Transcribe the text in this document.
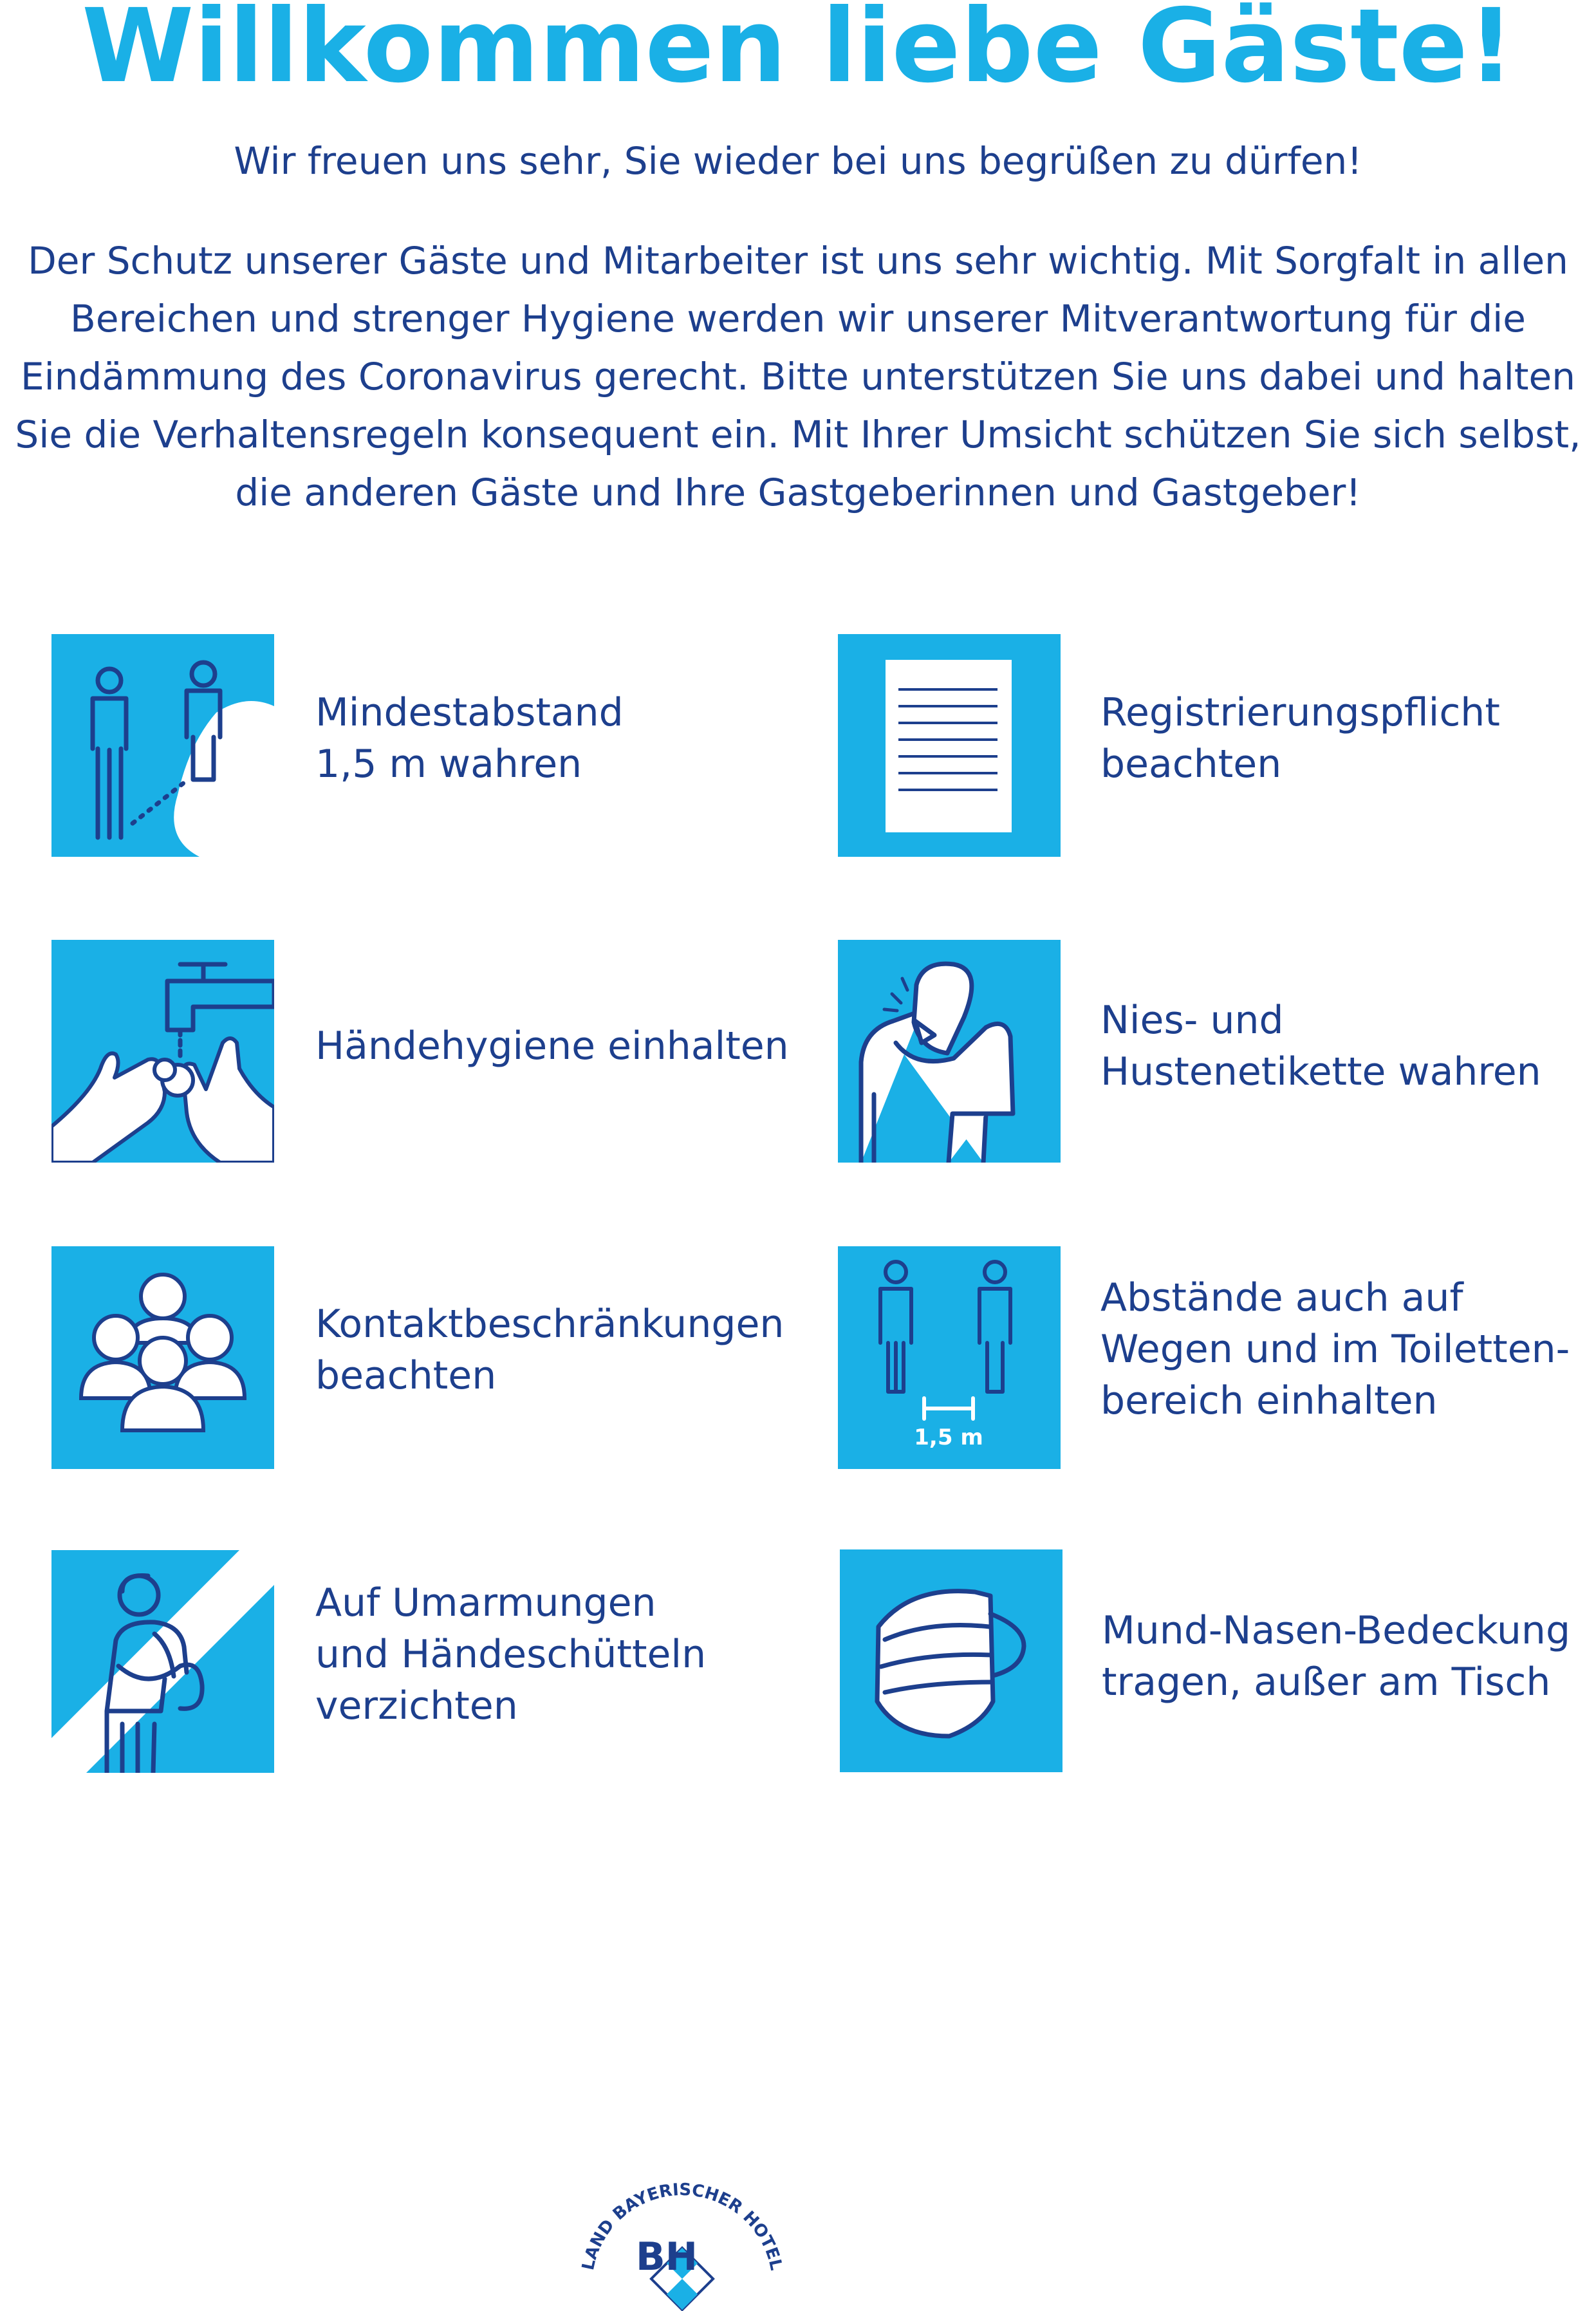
Willkommen liebe Gäste!
Wir freuen uns sehr, Sie wieder bei uns begrüßen zu dürfen!
Der Schutz unserer Gäste und Mitarbeiter ist uns sehr wichtig. Mit Sorgfalt in allen
Bereichen und strenger Hygiene werden wir unserer Mitverantwortung für die
Eindämmung des Coronavirus gerecht. Bitte unterstützen Sie uns dabei und halten
Sie die Verhaltensregeln konsequent ein. Mit Ihrer Umsicht schützen Sie sich selbst,
die anderen Gäste und Ihre Gastgeberinnen und Gastgeber!
Mindestabstand
1,5 m wahren
Registrierungspflicht
beachten
Händehygiene einhalten
Nies- und
Hustenetikette wahren
Kontaktbeschränkungen
beachten
1,5 m
Abstände auch auf
Wegen und im Toiletten-
bereich einhalten
Auf Umarmungen
und Händeschütteln
verzichten
Mund-Nasen-Bedeckung
tragen, außer am Tisch
LAND BAYERISCHER HOTEL
BH
